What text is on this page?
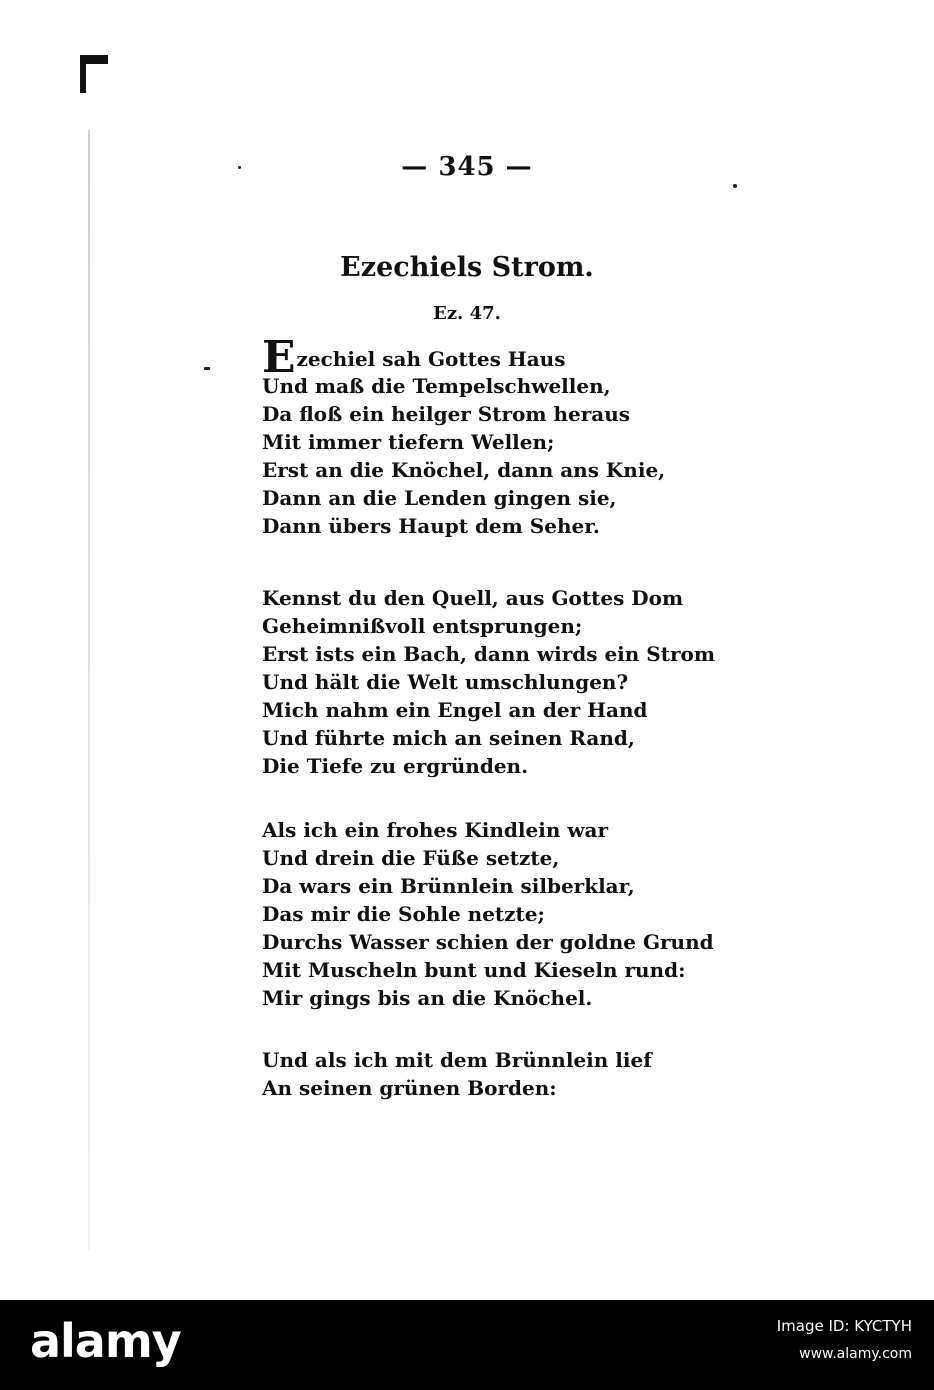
— 345 —
Ezechiels Strom.
Ez. 47.
Ezechiel sah Gottes Haus
Und maß die Tempelschwellen,
Da floß ein heilger Strom heraus
Mit immer tiefern Wellen;
Erst an die Knöchel, dann ans Knie,
Dann an die Lenden gingen sie,
Dann übers Haupt dem Seher.
Kennst du den Quell, aus Gottes Dom
Geheimnißvoll entsprungen;
Erst ists ein Bach, dann wirds ein Strom
Und hält die Welt umschlungen?
Mich nahm ein Engel an der Hand
Und führte mich an seinen Rand,
Die Tiefe zu ergründen.
Als ich ein frohes Kindlein war
Und drein die Füße setzte,
Da wars ein Brünnlein silberklar,
Das mir die Sohle netzte;
Durchs Wasser schien der goldne Grund
Mit Muscheln bunt und Kieseln rund:
Mir gings bis an die Knöchel.
Und als ich mit dem Brünnlein lief
An seinen grünen Borden:
alamy	Image ID: KYCTYH
www.alamy.com
